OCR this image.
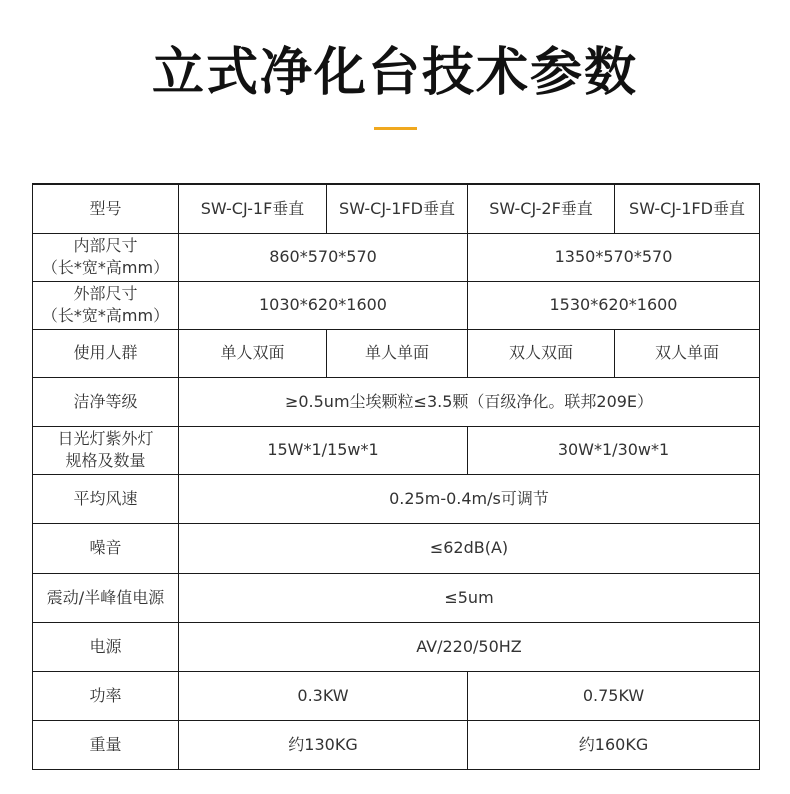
立式净化台技术参数
型号	SW-CJ-1F垂直	SW-CJ-1FD垂直	SW-CJ-2F垂直	SW-CJ-1FD垂直

内部尺寸
（长*宽*高mm）	860*570*570		1350*570*570	

外部尺寸
（长*宽*高mm）	1030*620*1600		1530*620*1600	
使用人群	单人双面	单人单面	双人双面	双人单面
洁净等级	≥0.5um尘埃颗粒≤3.5颗（百级净化。联邦209E）			

日光灯紫外灯
规格及数量	15W*1/15w*1		30W*1/30w*1	
平均风速	0.25m-0.4m/s可调节			
噪音	≤62dB(A)			
震动/半峰值电源	≤5um			
电源	AV/220/50HZ			
功率	0.3KW		0.75KW	
重量	约130KG		约160KG	
